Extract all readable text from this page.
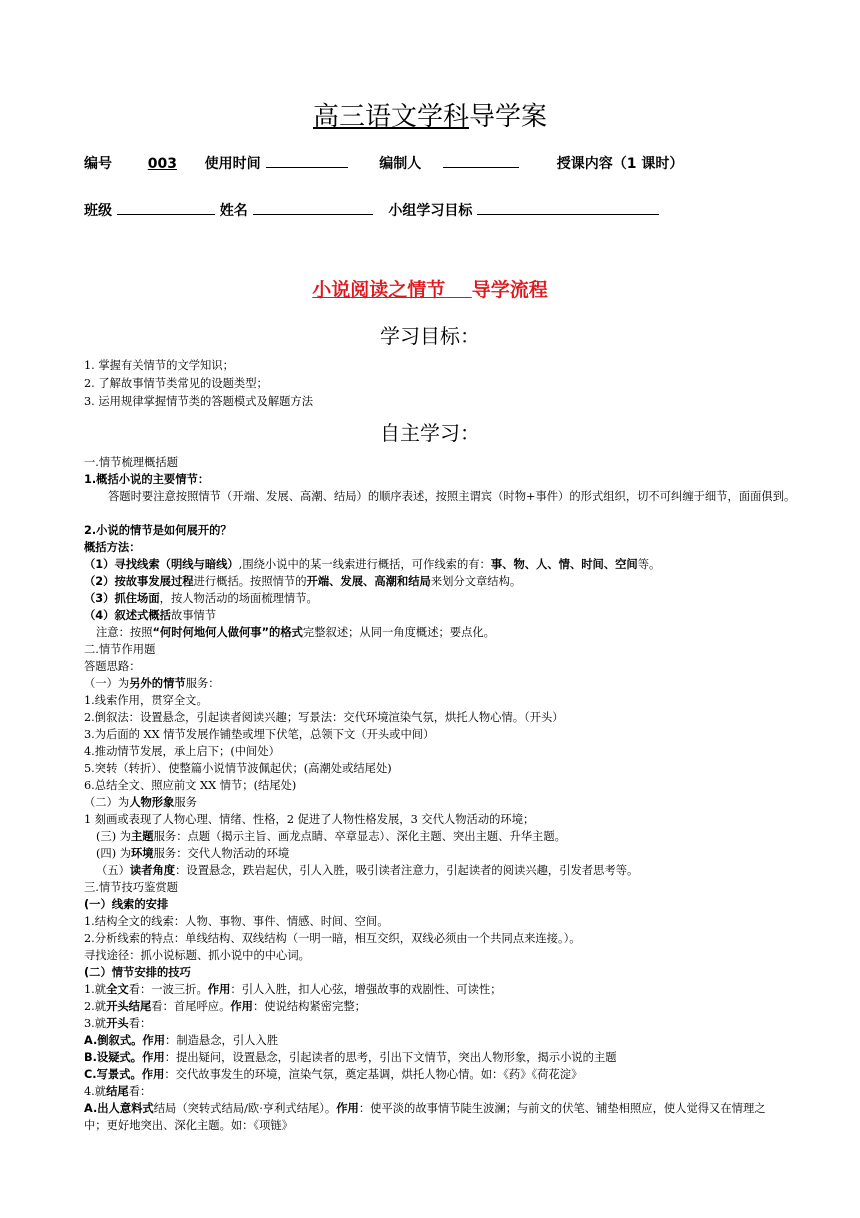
高三语文学科导学案
编号	003 使用时间	编制人	授课内容（1 课时）
班级	姓名	小组学习目标
小说阅读之情节 导学流程
学习目标：
1. 掌握有关情节的文学知识；
2. 了解故事情节类常见的设题类型；
3. 运用规律掌握情节类的答题模式及解题方法
自主学习：
一.情节梳理概括题
1.概括小说的主要情节：
答题时要注意按照情节（开端、发展、高潮、结局）的顺序表述，按照主谓宾（时物+事件）的形式组织，切不可纠缠于细节，面面俱到。
2.小说的情节是如何展开的？
概括方法：
（1）寻找线索（明线与暗线）,围绕小说中的某一线索进行概括，可作线索的有：事、物、人、情、时间、空间等。
（2）按故事发展过程进行概括。按照情节的开端、发展、高潮和结局来划分文章结构。
（3）抓住场面，按人物活动的场面梳理情节。
（4）叙述式概括故事情节
注意：按照“何时何地何人做何事”的格式完整叙述；从同一角度概述；要点化。
二.情节作用题
答题思路：
（一）为另外的情节服务：
1.线索作用，贯穿全文。
2.倒叙法：设置悬念，引起读者阅读兴趣；写景法：交代环境渲染气氛，烘托人物心情。（开头）
3.为后面的 XX 情节发展作铺垫或埋下伏笔，总领下文（开头或中间）
4.推动情节发展，承上启下；(中间处）
5.突转（转折）、使整篇小说情节波佩起伏；(高潮处或结尾处)
6.总结全文、照应前文 XX 情节；(结尾处)
（二）为人物形象服务
1 刻画或表现了人物心理、情绪、性格，2 促进了人物性格发展，3 交代人物活动的环境；
(三) 为主题服务：点题（揭示主旨、画龙点睛、卒章显志）、深化主题、突出主题、升华主题。
(四) 为环境服务：交代人物活动的环境
（五）读者角度：设置悬念，跌岩起伏，引人入胜，吸引读者注意力，引起读者的阅读兴趣，引发者思考等。
三.情节技巧鉴赏题
(一）线索的安排
1.结构全文的线索：人物、事物、事件、情感、时间、空间。
2.分析线索的特点：单线结构、双线结构（一明一暗，相互交织，双线必须由一个共同点来连接。）。
寻找途径：抓小说标题、抓小说中的中心词。
(二）情节安排的技巧
1.就全文看：一波三折。作用：引人入胜，扣人心弦，增强故事的戏剧性、可读性；
2.就开头结尾看：首尾呼应。作用：使说结构紧密完整；
3.就开头看：
A.倒叙式。作用：制造悬念，引人入胜
B.设疑式。作用：提出疑问，设置悬念，引起读者的思考，引出下文情节，突出人物形象，揭示小说的主题
C.写景式。作用：交代故事发生的环境，渲染气氛，奠定基调，烘托人物心情。如：《药》《荷花淀》
4.就结尾看：
A.出人意料式结局（突转式结局/欧·亨利式结尾）。作用：使平淡的故事情节陡生波澜；与前文的伏笔、铺垫相照应，使人觉得又在情理之中；更好地突出、深化主题。如：《项链》
